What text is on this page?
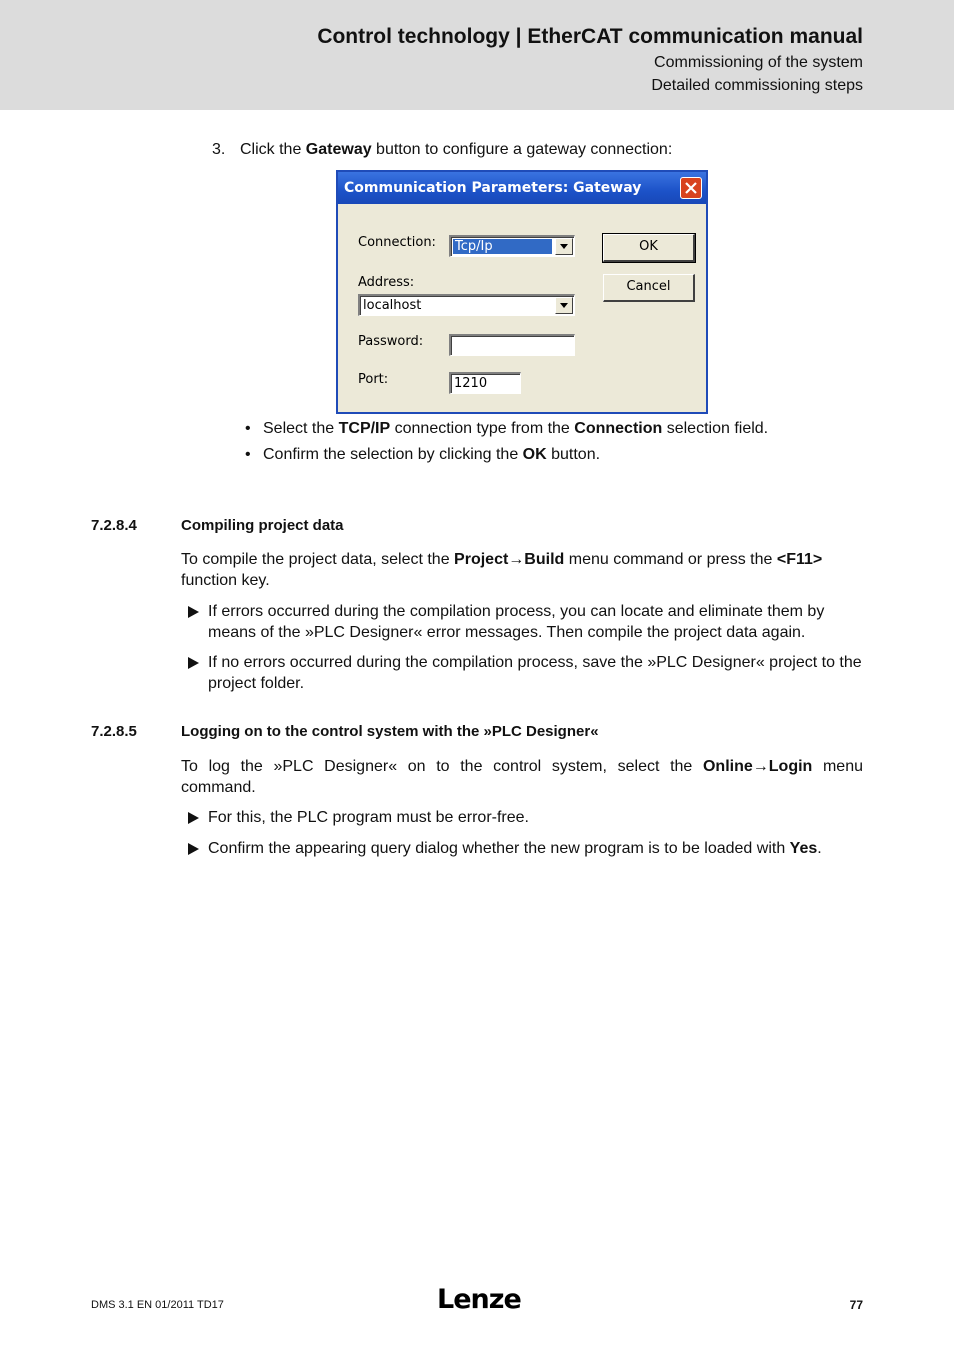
Control technology | EtherCAT communication manual
Commissioning of the system
Detailed commissioning steps
3. Click the Gateway button to configure a gateway connection:
Communication Parameters: Gateway
Connection: Tcp/Ip
Address:
localhost
Password:
Port:	1210
OK
Cancel
• Select the TCP/IP connection type from the Connection selection field.
• Confirm the selection by clicking the OK button.
7.2.8.4	Compiling project data
To compile the project data, select the Project→Build menu command or press the <F11>
function key.
If errors occurred during the compilation process, you can locate and eliminate them by means of the »PLC Designer« error messages. Then compile the project data again.
If no errors occurred during the compilation process, save the »PLC Designer« project to the project folder.
7.2.8.5	Logging on to the control system with the »PLC Designer«
To log the »PLC Designer« on to the control system, select the Online→Login menu
command.
For this, the PLC program must be error-free.
Confirm the appearing query dialog whether the new program is to be loaded with Yes.
DMS 3.1 EN 01/2011 TD17	Lenze	77
